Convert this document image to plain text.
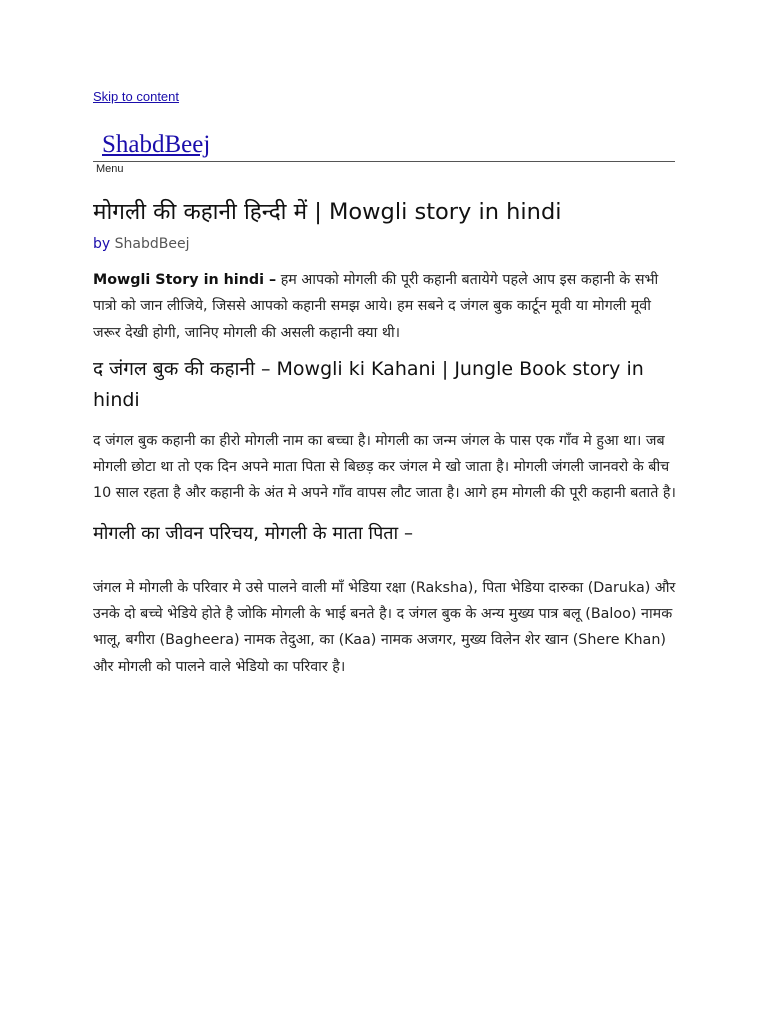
Skip to content
ShabdBeej
Menu
मोगली की कहानी हिन्दी में | Mowgli story in hindi

by ShabdBeej

Mowgli Story in hindi – हम आपको मोगली की पूरी कहानी बतायेगे पहले आप इस कहानी के सभी पात्रो को जान लीजिये, जिससे आपको कहानी समझ आये। हम सबने द जंगल बुक कार्टून मूवी या मोगली मूवी जरूर देखी होगी, जानिए मोगली की असली कहानी क्या थी।

द जंगल बुक की कहानी – Mowgli ki Kahani | Jungle Book story in hindi

द जंगल बुक कहानी का हीरो मोगली नाम का बच्चा है। मोगली का जन्म जंगल के पास एक गाँव मे हुआ था। जब मोगली छोटा था तो एक दिन अपने माता पिता से बिछड़ कर जंगल मे खो जाता है। मोगली जंगली जानवरो के बीच 10 साल रहता है और कहानी के अंत मे अपने गाँव वापस लौट जाता है। आगे हम मोगली की पूरी कहानी बताते है।

मोगली का जीवन परिचय, मोगली के माता पिता –

जंगल मे मोगली के परिवार मे उसे पालने वाली माँ भेडिया रक्षा (Raksha), पिता भेडिया दारुका (Daruka) और उनके दो बच्चे भेडिये होते है जोकि मोगली के भाई बनते है। द जंगल बुक के अन्य मुख्य पात्र बलू (Baloo) नामक भालू, बगीरा (Bagheera) नामक तेदुआ, का (Kaa) नामक अजगर, मुख्य विलेन शेर खान (Shere Khan) और मोगली को पालने वाले भेडियो का परिवार है।
